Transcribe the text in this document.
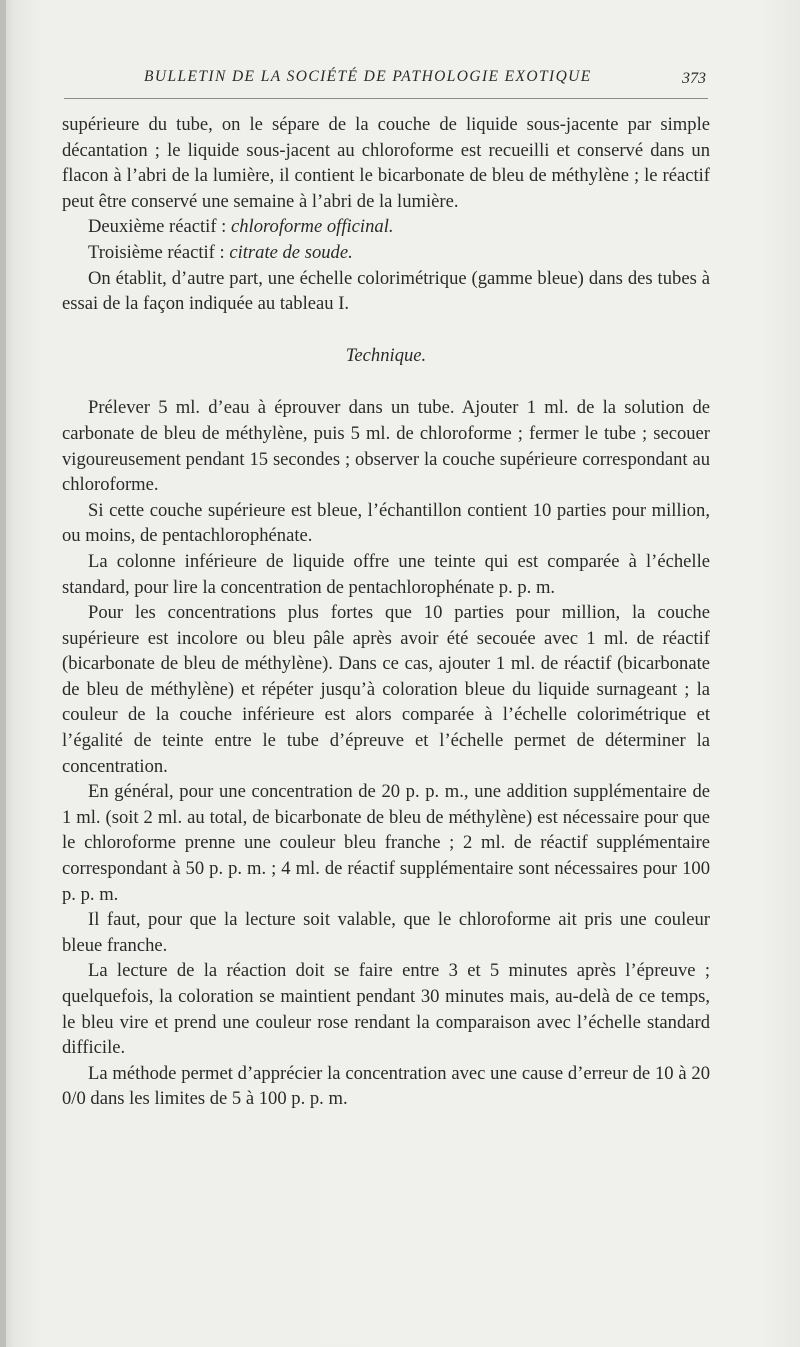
BULLETIN DE LA SOCIÉTÉ DE PATHOLOGIE EXOTIQUE	373

supérieure du tube, on le sépare de la couche de liquide sous-jacente par simple décantation ; le liquide sous-jacent au chloroforme est recueilli et conservé dans un flacon à l’abri de la lumière, il contient le bicarbonate de bleu de méthylène ; le réactif peut être conservé une semaine à l’abri de la lumière.

Deuxième réactif : chloroforme officinal.

Troisième réactif : citrate de soude.

On établit, d’autre part, une échelle colorimétrique (gamme bleue) dans des tubes à essai de la façon indiquée au tableau I.

Technique.

Prélever 5 ml. d’eau à éprouver dans un tube. Ajouter 1 ml. de la solution de carbonate de bleu de méthylène, puis 5 ml. de chloroforme ; fermer le tube ; secouer vigoureusement pendant 15 secondes ; observer la couche supérieure correspondant au chloroforme.

Si cette couche supérieure est bleue, l’échantillon contient 10 parties pour million, ou moins, de pentachlorophénate.

La colonne inférieure de liquide offre une teinte qui est comparée à l’échelle standard, pour lire la concentration de pentachlorophénate p. p. m.

Pour les concentrations plus fortes que 10 parties pour million, la couche supérieure est incolore ou bleu pâle après avoir été secouée avec 1 ml. de réactif (bicarbonate de bleu de méthylène). Dans ce cas, ajouter 1 ml. de réactif (bicarbonate de bleu de méthylène) et répéter jusqu’à coloration bleue du liquide surnageant ; la couleur de la couche inférieure est alors comparée à l’échelle colorimétrique et l’égalité de teinte entre le tube d’épreuve et l’échelle permet de déterminer la concentration.

En général, pour une concentration de 20 p. p. m., une addition supplémentaire de 1 ml. (soit 2 ml. au total, de bicarbonate de bleu de méthylène) est nécessaire pour que le chloroforme prenne une couleur bleu franche ; 2 ml. de réactif supplémentaire correspondant à 50 p. p. m. ; 4 ml. de réactif supplémentaire sont nécessaires pour 100 p. p. m.

Il faut, pour que la lecture soit valable, que le chloroforme ait pris une couleur bleue franche.

La lecture de la réaction doit se faire entre 3 et 5 minutes après l’épreuve ; quelquefois, la coloration se maintient pendant 30 minutes mais, au-delà de ce temps, le bleu vire et prend une couleur rose rendant la comparaison avec l’échelle standard difficile.

La méthode permet d’apprécier la concentration avec une cause d’erreur de 10 à 20 0/0 dans les limites de 5 à 100 p. p. m.
